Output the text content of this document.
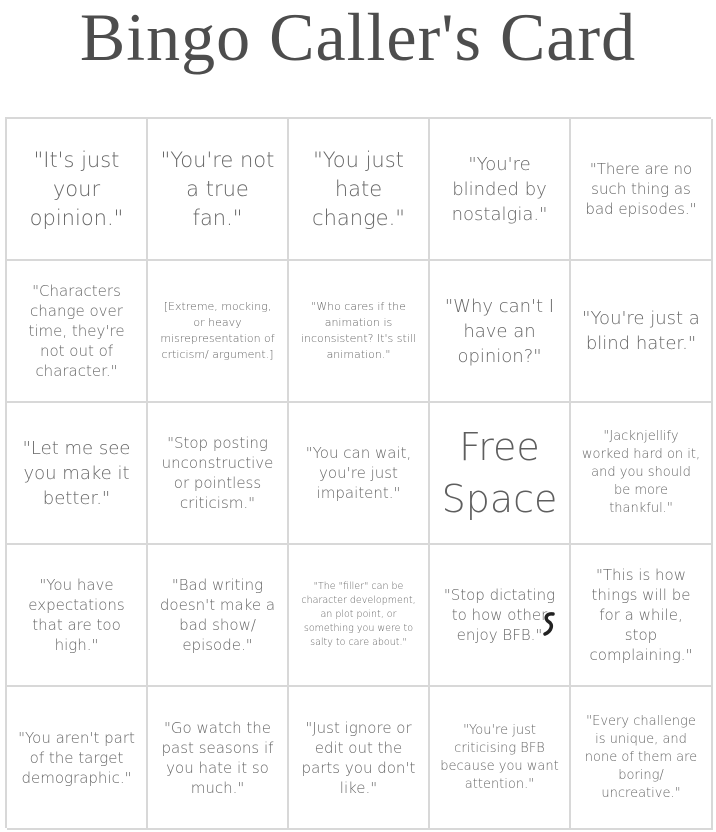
Bingo Caller's Card
"It's just your opinion."
"You're not a true fan."
"You just hate change."
"You're blinded by nostalgia."
"There are no such thing as bad episodes."
"Characters change over time, they're not out of character."
[Extreme, mocking, or heavy misrepresentation of crticism/ argument.]
"Who cares if the animation is inconsistent? It's still animation."
"Why can't I have an opinion?"
"You're just a blind hater."
"Let me see you make it better."
"Stop posting unconstructive or pointless criticism."
"You can wait, you're just impaitent."
Free Space
"Jacknjellify worked hard on it, and you should be more thankful."
"You have expectations that are too high."
"Bad writing doesn't make a bad show/ episode."
"The "filler" can be character development, an plot point, or something you were to salty to care about."
"Stop dictating to how other enjoy BFB."
"This is how things will be for a while, stop complaining."
"You aren't part of the target demographic."
"Go watch the past seasons if you hate it so much."
"Just ignore or edit out the parts you don't like."
"You're just criticising BFB because you want attention."
"Every challenge is unique, and none of them are boring/ uncreative."
